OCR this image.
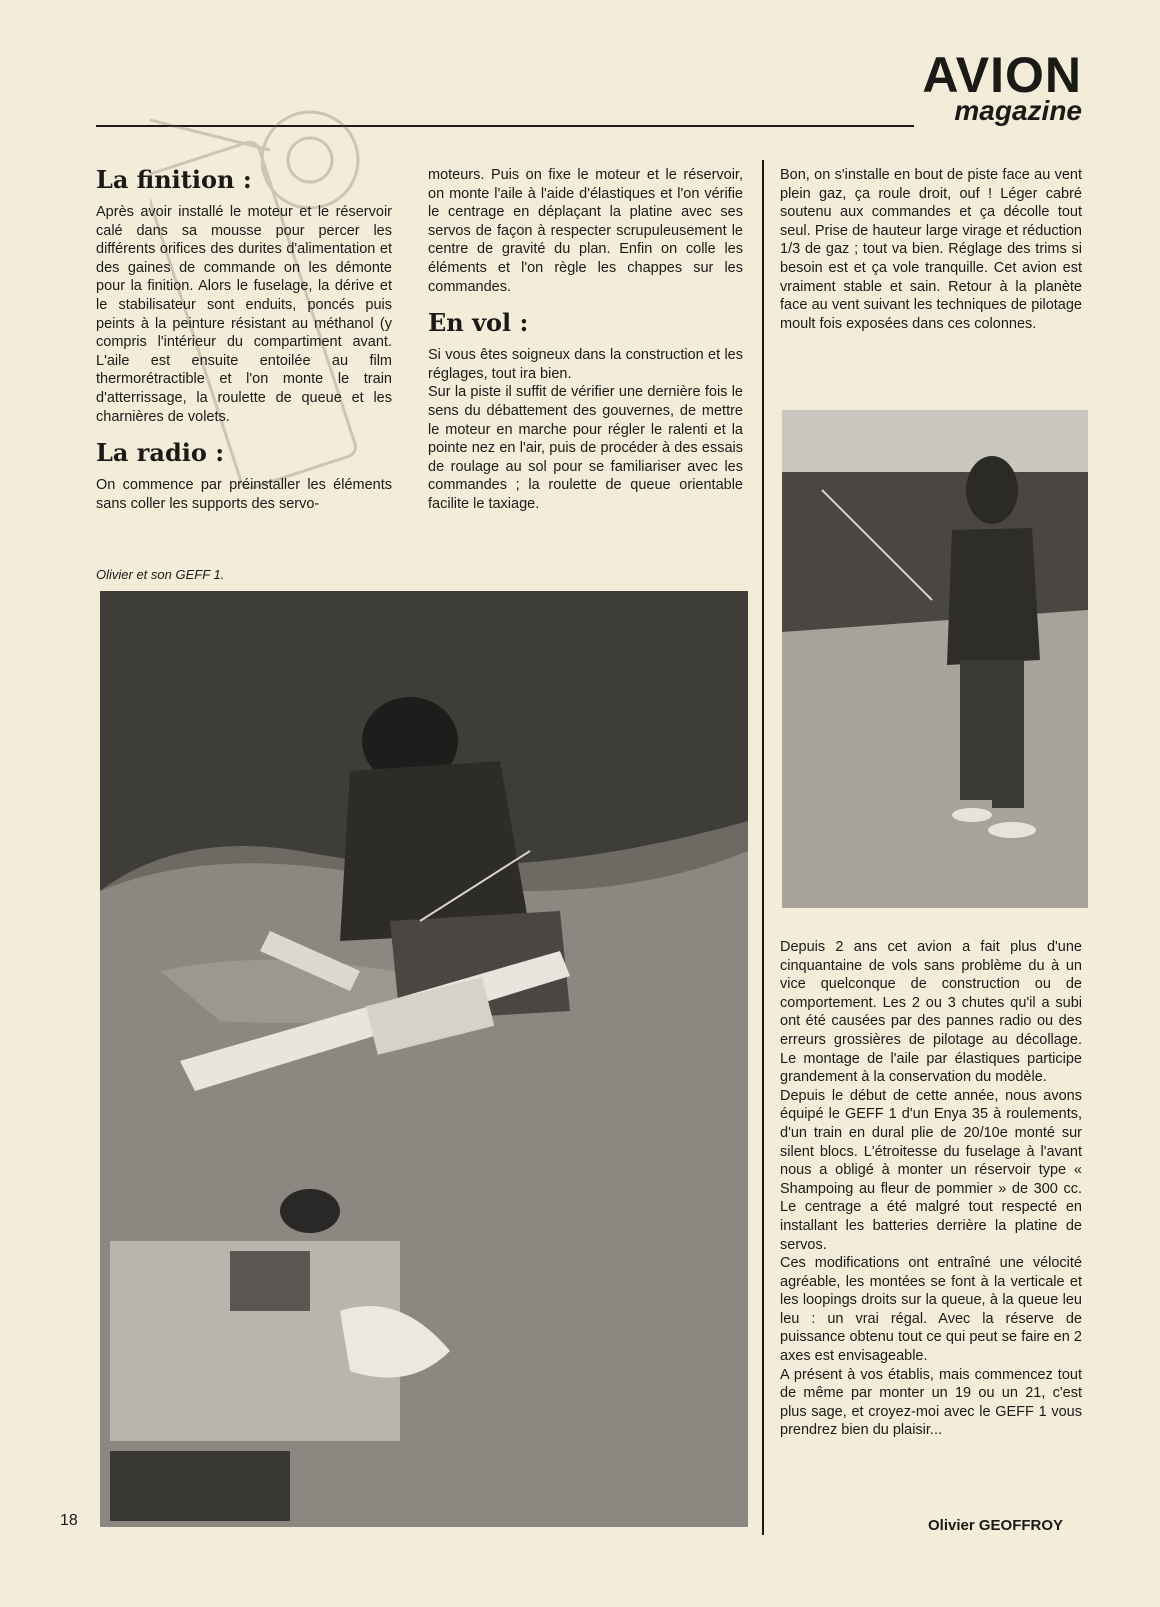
AVION
magazine
La finition :

Après avoir installé le moteur et le réservoir calé dans sa mousse pour percer les différents orifices des durites d'alimentation et des gaines de commande on les démonte pour la finition. Alors le fuselage, la dérive et le stabilisateur sont enduits, poncés puis peints à la peinture résistant au méthanol (y compris l'intérieur du compartiment avant. L'aile est ensuite entoilée au film thermorétractible et l'on monte le train d'atterrissage, la roulette de queue et les charnières de volets.

La radio :

On commence par préinstaller les éléments sans coller les supports des servo-

moteurs. Puis on fixe le moteur et le réservoir, on monte l'aile à l'aide d'élastiques et l'on vérifie le centrage en déplaçant la platine avec ses servos de façon à respecter scrupuleusement le centre de gravité du plan. Enfin on colle les éléments et l'on règle les chappes sur les commandes.

En vol :

Si vous êtes soigneux dans la construction et les réglages, tout ira bien.

Sur la piste il suffit de vérifier une dernière fois le sens du débattement des gouvernes, de mettre le moteur en marche pour régler le ralenti et la pointe nez en l'air, puis de procéder à des essais de roulage au sol pour se familiariser avec les commandes ; la roulette de queue orientable facilite le taxiage.

Bon, on s'installe en bout de piste face au vent plein gaz, ça roule droit, ouf ! Léger cabré soutenu aux commandes et ça décolle tout seul. Prise de hauteur large virage et réduction 1/3 de gaz ; tout va bien. Réglage des trims si besoin est et ça vole tranquille. Cet avion est vraiment stable et sain. Retour à la planète face au vent suivant les techniques de pilotage moult fois exposées dans ces colonnes.

Depuis 2 ans cet avion a fait plus d'une cinquantaine de vols sans problème du à un vice quelconque de construction ou de comportement. Les 2 ou 3 chutes qu'il a subi ont été causées par des pannes radio ou des erreurs grossières de pilotage au décollage. Le montage de l'aile par élastiques participe grandement à la conservation du modèle.

Depuis le début de cette année, nous avons équipé le GEFF 1 d'un Enya 35 à roulements, d'un train en dural plie de 20/10e monté sur silent blocs. L'étroitesse du fuselage à l'avant nous a obligé à monter un réservoir type « Shampoing au fleur de pommier » de 300 cc. Le centrage a été malgré tout respecté en installant les batteries derrière la platine de servos.

Ces modifications ont entraîné une vélocité agréable, les montées se font à la verticale et les loopings droits sur la queue, à la queue leu leu : un vrai régal. Avec la réserve de puissance obtenu tout ce qui peut se faire en 2 axes est envisageable.

A présent à vos établis, mais commencez tout de même par monter un 19 ou un 21, c'est plus sage, et croyez-moi avec le GEFF 1 vous prendrez bien du plaisir...

Olivier et son GEFF 1.
18	Olivier GEOFFROY
